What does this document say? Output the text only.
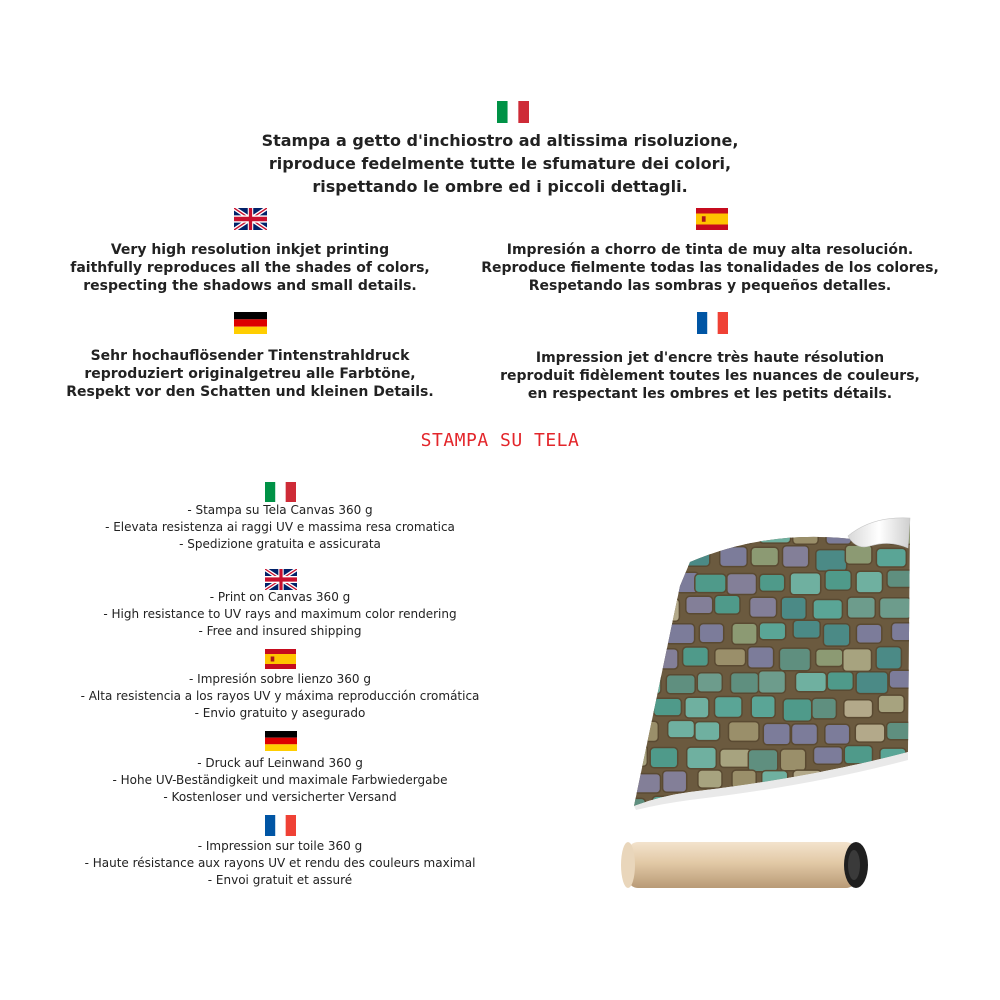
Stampa a getto d'inchiostro ad altissima risoluzione,
riproduce fedelmente tutte le sfumature dei colori,
rispettando le ombre ed i piccoli dettagli.
Very high resolution inkjet printing
faithfully reproduces all the shades of colors,
respecting the shadows and small details.
Impresión a chorro de tinta de muy alta resolución.
Reproduce fielmente todas las tonalidades de los colores,
Respetando las sombras y pequeños detalles.
Sehr hochauflösender Tintenstrahldruck
reproduziert originalgetreu alle Farbtöne,
Respekt vor den Schatten und kleinen Details.
Impression jet d'encre très haute résolution
reproduit fidèlement toutes les nuances de couleurs,
en respectant les ombres et les petits détails.
STAMPA SU TELA
- Stampa su Tela Canvas 360 g
- Elevata resistenza ai raggi UV e massima resa cromatica
- Spedizione gratuita e assicurata
- Print on Canvas 360 g
- High resistance to UV rays and maximum color rendering
- Free and insured shipping
- Impresión sobre lienzo 360 g
- Alta resistencia a los rayos UV y máxima reproducción cromática
- Envio gratuito y asegurado
- Druck auf Leinwand 360 g
- Hohe UV-Beständigkeit und maximale Farbwiedergabe
- Kostenloser und versicherter Versand
- Impression sur toile 360 g
- Haute résistance aux rayons UV et rendu des couleurs maximal
- Envoi gratuit et assuré
